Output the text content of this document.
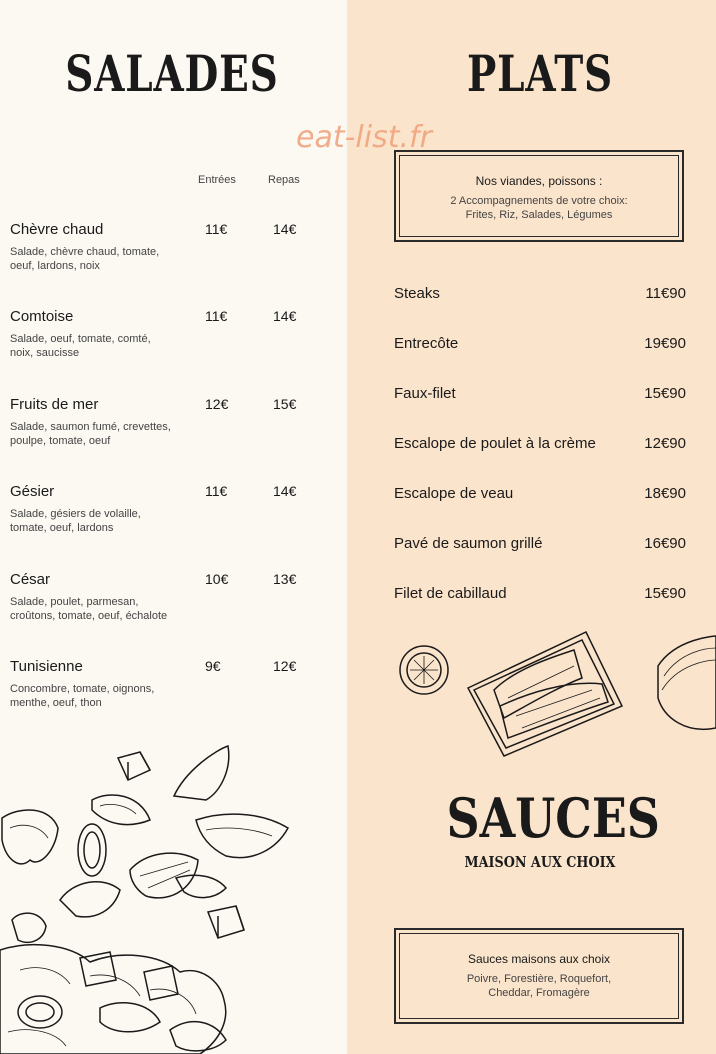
SALADES	PLATS
eat-list.fr
Entrées	Repas
Chèvre chaud	11€	14€
Salade, chèvre chaud, tomate,
oeuf, lardons, noix
Comtoise	11€	14€
Salade, oeuf, tomate, comté,
noix, saucisse
Fruits de mer	12€	15€
Salade, saumon fumé, crevettes,
poulpe, tomate, oeuf
Gésier	11€	14€
Salade, gésiers de volaille,
tomate, oeuf, lardons
César	10€	13€
Salade, poulet, parmesan,
croûtons, tomate, oeuf, échalote
Tunisienne	9€	12€
Concombre, tomate, oignons,
menthe, oeuf, thon
Nos viandes, poissons :
2 Accompagnements de votre choix:
Frites, Riz, Salades, Légumes
Steaks	11€90
Entrecôte	19€90
Faux-filet	15€90
Escalope de poulet à la crème	12€90
Escalope de veau	18€90
Pavé de saumon grillé	16€90
Filet de cabillaud	15€90
SAUCES
MAISON AUX CHOIX
Sauces maisons aux choix
Poivre, Forestière, Roquefort,
Cheddar, Fromagère
